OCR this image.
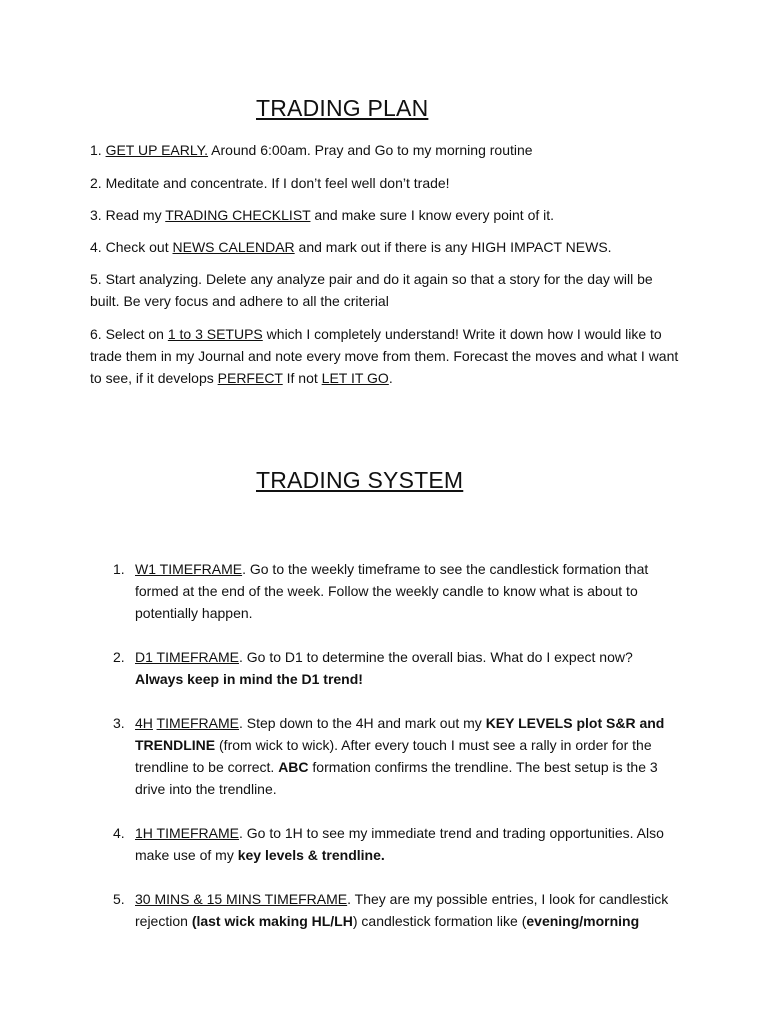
TRADING PLAN

1. GET UP EARLY. Around 6:00am. Pray and Go to my morning routine

2. Meditate and concentrate. If I don’t feel well don’t trade!

3. Read my TRADING CHECKLIST and make sure I know every point of it.

4. Check out NEWS CALENDAR and mark out if there is any HIGH IMPACT NEWS.

5. Start analyzing. Delete any analyze pair and do it again so that a story for the day will be built. Be very focus and adhere to all the criterial

6. Select on 1 to 3 SETUPS which I completely understand! Write it down how I would like to trade them in my Journal and note every move from them. Forecast the moves and what I want to see, if it develops PERFECT If not LET IT GO.

TRADING SYSTEM
1. W1 TIMEFRAME. Go to the weekly timeframe to see the candlestick formation that formed at the end of the week. Follow the weekly candle to know what is about to potentially happen.
2. D1 TIMEFRAME. Go to D1 to determine the overall bias. What do I expect now?
Always keep in mind the D1 trend!
3. 4H TIMEFRAME. Step down to the 4H and mark out my KEY LEVELS plot S&R and TRENDLINE (from wick to wick). After every touch I must see a rally in order for the trendline to be correct. ABC formation confirms the trendline. The best setup is the 3 drive into the trendline.
4. 1H TIMEFRAME. Go to 1H to see my immediate trend and trading opportunities. Also make use of my key levels & trendline.
5. 30 MINS & 15 MINS TIMEFRAME. They are my possible entries, I look for candlestick rejection (last wick making HL/LH) candlestick formation like (evening/morning
